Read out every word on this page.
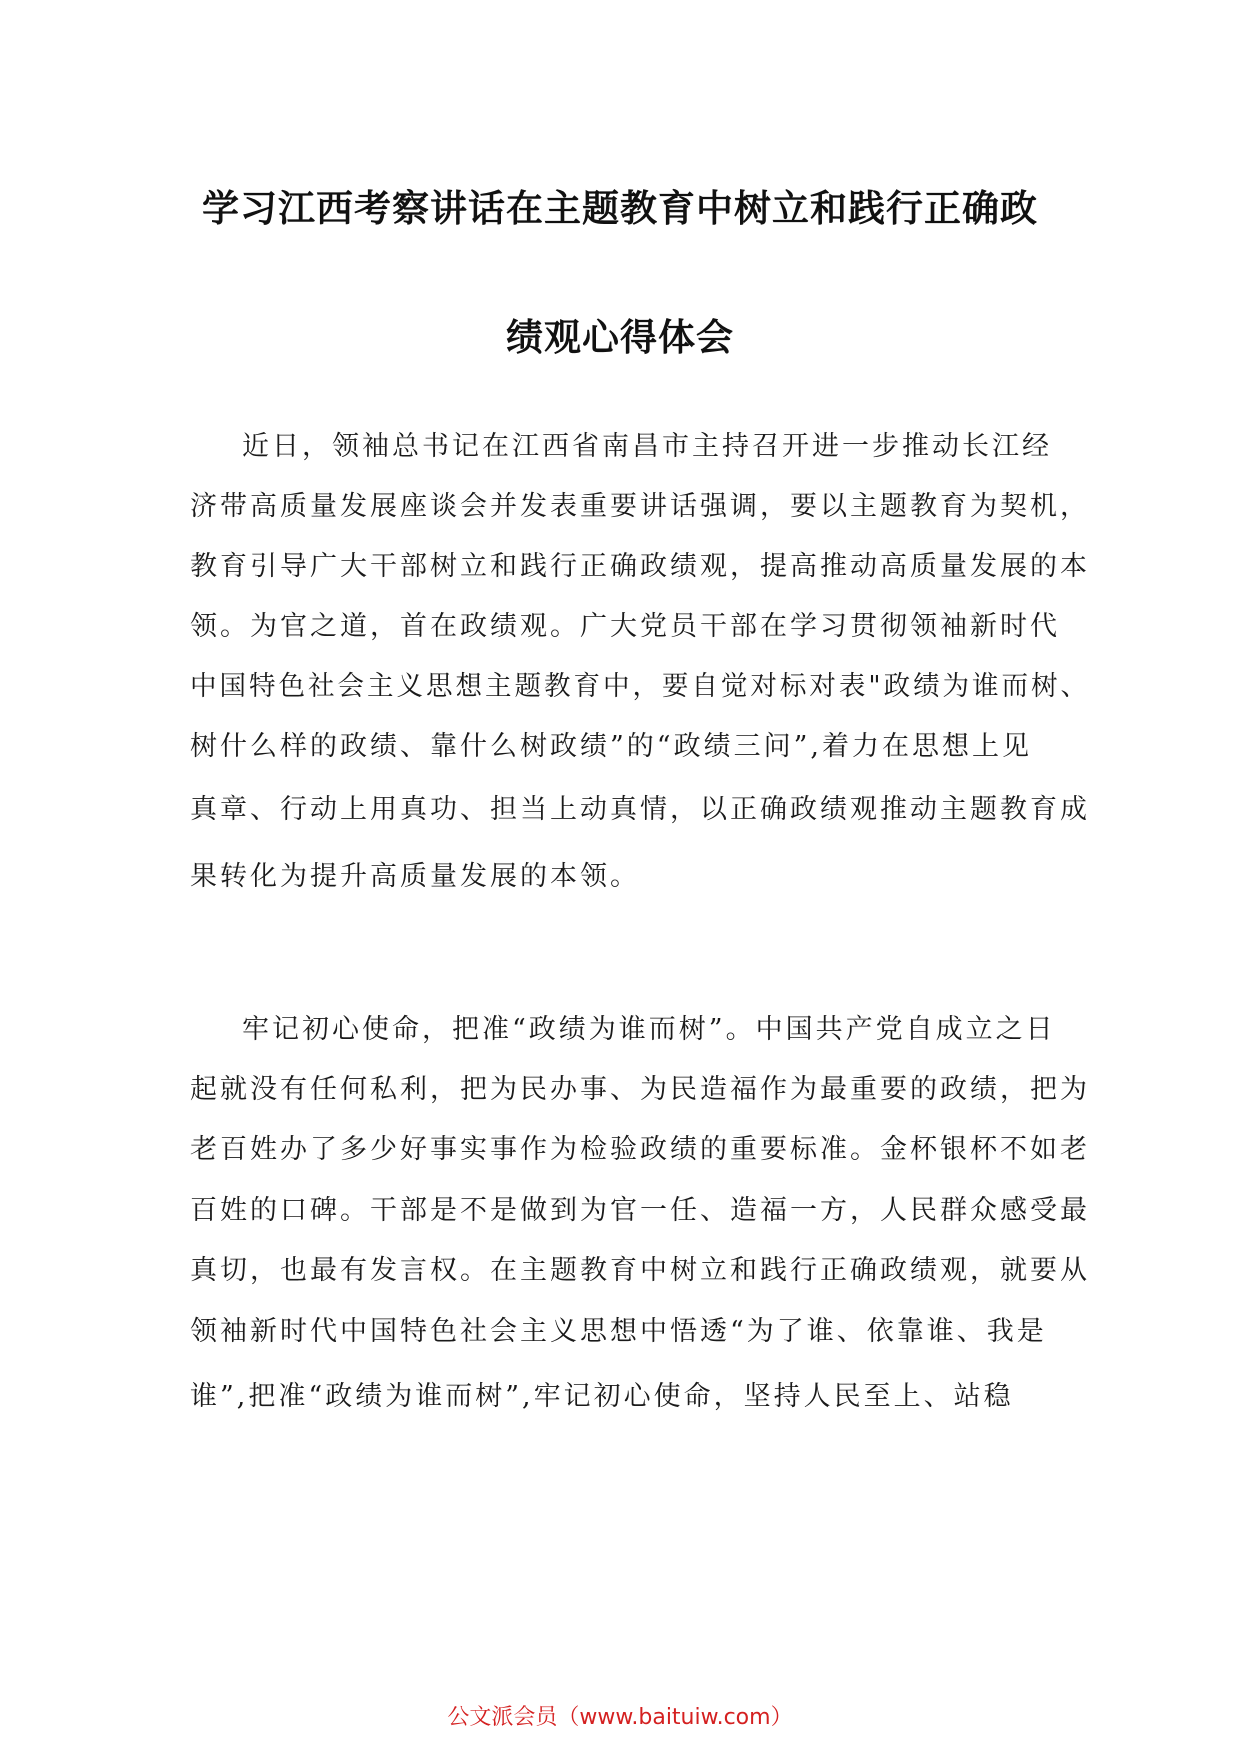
学习江西考察讲话在主题教育中树立和践行正确政
绩观心得体会
近日，领袖总书记在江西省南昌市主持召开进一步推动长江经
济带高质量发展座谈会并发表重要讲话强调，要以主题教育为契机，
教育引导广大干部树立和践行正确政绩观，提高推动高质量发展的本
领。为官之道，首在政绩观。广大党员干部在学习贯彻领袖新时代
中国特色社会主义思想主题教育中，要自觉对标对表"政绩为谁而树、
树什么样的政绩、靠什么树政绩”的“政绩三问”,着力在思想上见
真章、行动上用真功、担当上动真情，以正确政绩观推动主题教育成
果转化为提升高质量发展的本领。
牢记初心使命，把准“政绩为谁而树”。中国共产党自成立之日
起就没有任何私利，把为民办事、为民造福作为最重要的政绩，把为
老百姓办了多少好事实事作为检验政绩的重要标准。金杯银杯不如老
百姓的口碑。干部是不是做到为官一任、造福一方，人民群众感受最
真切，也最有发言权。在主题教育中树立和践行正确政绩观，就要从
领袖新时代中国特色社会主义思想中悟透“为了谁、依靠谁、我是
谁”,把准“政绩为谁而树”,牢记初心使命，坚持人民至上、站稳
公文派会员（www.baituiw.com）
